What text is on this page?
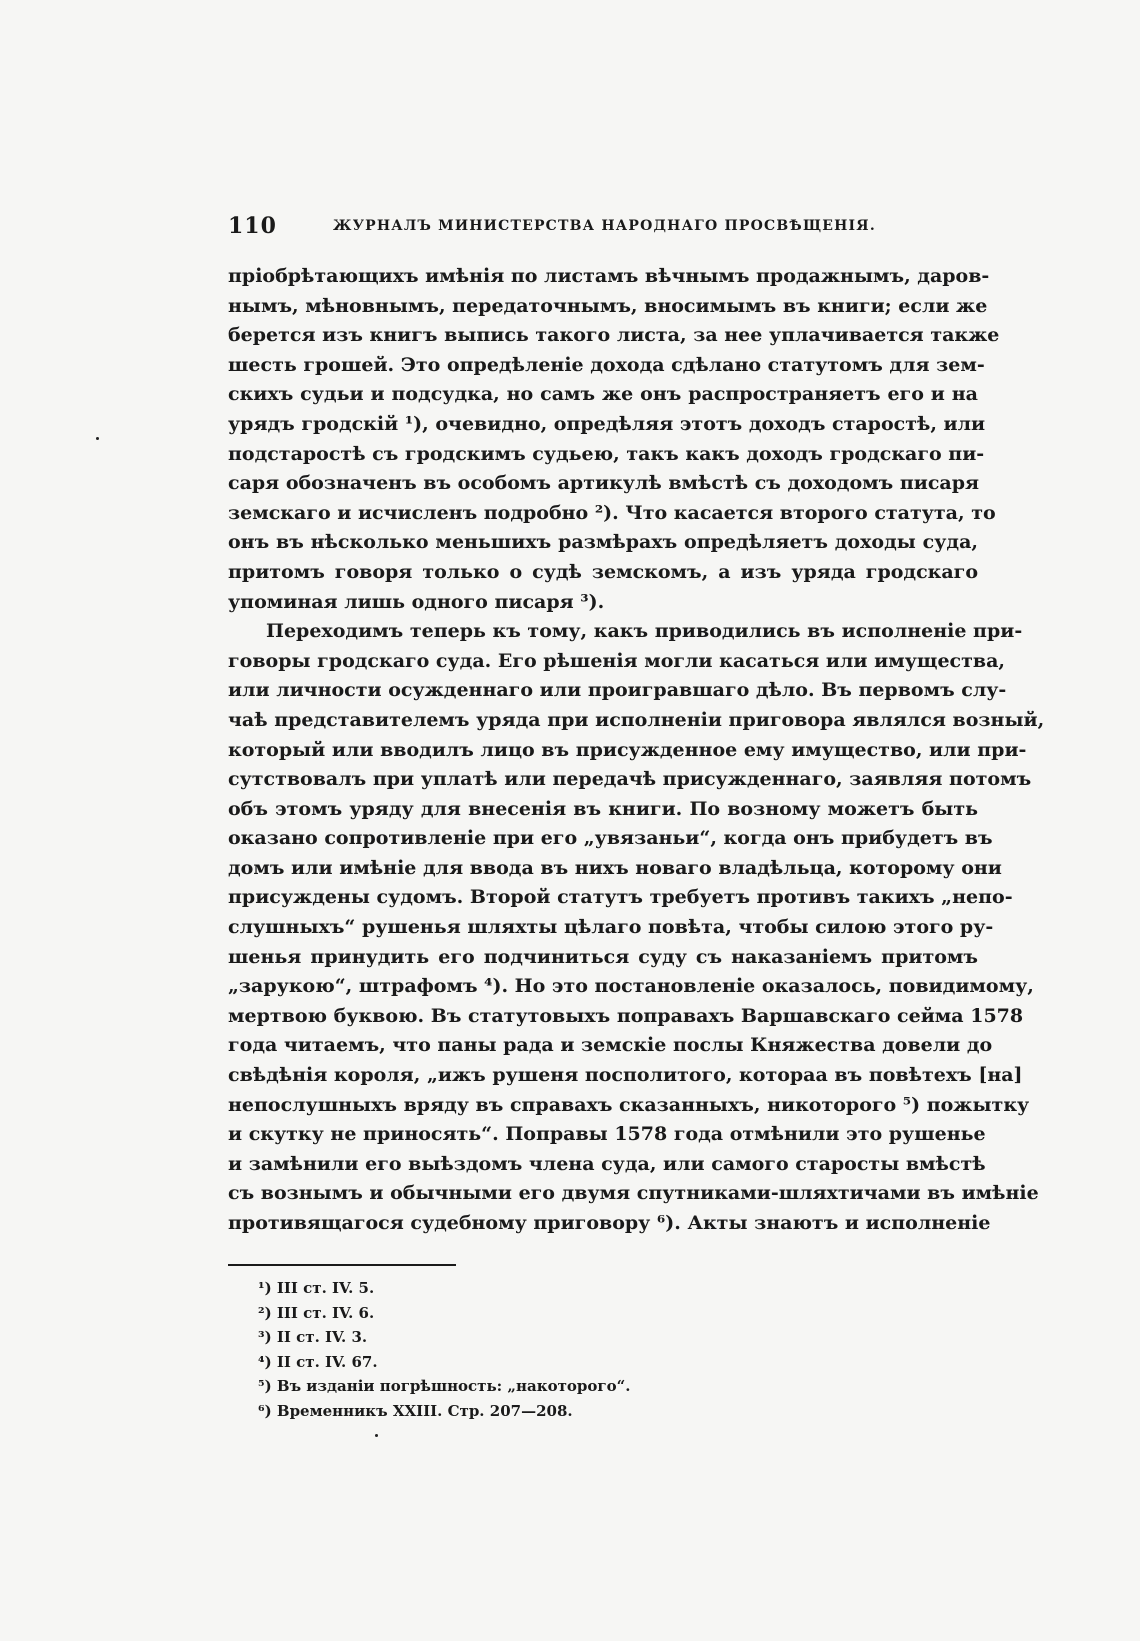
110	ЖУРНАЛЪ МИНИСТЕРСТВА НАРОДНАГО ПРОСВѢЩЕНІЯ.
пріобрѣтающихъ имѣнія по листамъ вѣчнымъ продажнымъ, даров-
нымъ, мѣновнымъ, передаточнымъ, вносимымъ въ книги; если же
берется изъ книгъ выпись такого листа, за нее уплачивается также
шесть грошей. Это опредѣленіе дохода сдѣлано статутомъ для зем-
скихъ судьи и подсудка, но самъ же онъ распространяетъ его и на
урядъ гродскій ¹), очевидно, опредѣляя этотъ доходъ старостѣ, или
подстаростѣ съ гродскимъ судьею, такъ какъ доходъ гродскаго пи-
саря обозначенъ въ особомъ артикулѣ вмѣстѣ съ доходомъ писаря
земскаго и исчисленъ подробно ²). Что касается второго статута, то
онъ въ нѣсколько меньшихъ размѣрахъ опредѣляетъ доходы суда,
притомъ говоря только о судѣ земскомъ, а изъ уряда гродскаго
упоминая лишь одного писаря ³).
Переходимъ теперь къ тому, какъ приводились въ исполненіе при-
говоры гродскаго суда. Его рѣшенія могли касаться или имущества,
или личности осужденнаго или проигравшаго дѣло. Въ первомъ слу-
чаѣ представителемъ уряда при исполненіи приговора являлся возный,
который или вводилъ лицо въ присужденное ему имущество, или при-
сутствовалъ при уплатѣ или передачѣ присужденнаго, заявляя потомъ
объ этомъ уряду для внесенія въ книги. По возному можетъ быть
оказано сопротивленіе при его „увязаньи“, когда онъ прибудетъ въ
домъ или имѣніе для ввода въ нихъ новаго владѣльца, которому они
присуждены судомъ. Второй статутъ требуетъ противъ такихъ „непо-
слушныхъ“ рушенья шляхты цѣлаго повѣта, чтобы силою этого ру-
шенья принудить его подчиниться суду съ наказаніемъ притомъ
„зарукою“, штрафомъ ⁴). Но это постановленіе оказалось, повидимому,
мертвою буквою. Въ статутовыхъ поправахъ Варшавскаго сейма 1578
года читаемъ, что паны рада и земскіе послы Княжества довели до
свѣдѣнія короля, „ижъ рушеня посполитого, котораа въ повѣтехъ [на]
непослушныхъ вряду въ справахъ сказанныхъ, никоторого ⁵) пожытку
и скутку не приносять“. Поправы 1578 года отмѣнили это рушенье
и замѣнили его выѣздомъ члена суда, или самого старосты вмѣстѣ
съ вознымъ и обычными его двумя спутниками-шляхтичами въ имѣніе
противящагося судебному приговору ⁶). Акты знаютъ и исполненіе
¹) III ст. IV. 5.
²) III ст. IV. 6.
³) II ст. IV. 3.
⁴) II ст. IV. 67.
⁵) Въ изданіи погрѣшность: „накоторого“.
⁶) Временникъ XXIII. Стр. 207—208.
